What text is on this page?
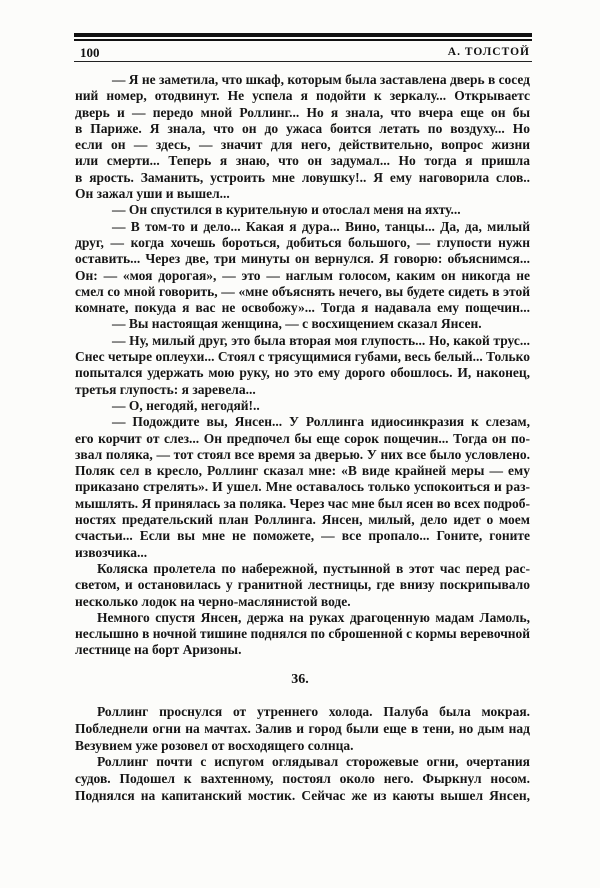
100	А. ТОЛСТОЙ
— Я не заметила, что шкаф, которым была заставлена дверь в сосед
ний номер, отодвинут. Не успела я подойти к зеркалу... Открываетс
дверь и — передо мной Роллинг... Но я знала, что вчера еще он бы
в Париже. Я знала, что он до ужаса боится летать по воздуху... Но
если он — здесь, — значит для него, действительно, вопрос жизни
или смерти... Теперь я знаю, что он задумал... Но тогда я пришла
в ярость. Заманить, устроить мне ловушку!.. Я ему наговорила слов..
Он зажал уши и вышел...
— Он спустился в курительную и отослал меня на яхту...
— В том-то и дело... Какая я дура... Вино, танцы... Да, да, милый
друг, — когда хочешь бороться, добиться большого, — глупости нужн
оставить... Через две, три минуты он вернулся. Я говорю: объяснимся...
Он: — «моя дорогая», — это — наглым голосом, каким он никогда не
смел со мной говорить, — «мне объяснять нечего, вы будете сидеть в этой
комнате, покуда я вас не освобожу»... Тогда я надавала ему пощечин...
— Вы настоящая женщина, — с восхищением сказал Янсен.
— Ну, милый друг, это была вторая моя глупость... Но, какой трус...
Снес четыре оплеухи... Стоял с трясущимися губами, весь белый... Только
попытался удержать мою руку, но это ему дорого обошлось. И, наконец,
третья глупость: я заревела...
— О, негодяй, негодяй!..
— Подождите вы, Янсен... У Роллинга идиосинкразия к слезам,
его корчит от слез... Он предпочел бы еще сорок пощечин... Тогда он по-
звал поляка, — тот стоял все время за дверью. У них все было условлено.
Поляк сел в кресло, Роллинг сказал мне: «В виде крайней меры — ему
приказано стрелять». И ушел. Мне оставалось только успокоиться и раз-
мышлять. Я принялась за поляка. Через час мне был ясен во всех подроб-
ностях предательский план Роллинга. Янсен, милый, дело идет о моем
счастьи... Если вы мне не поможете, — все пропало... Гоните, гоните
извозчика...
Коляска пролетела по набережной, пустынной в этот час перед рас-
светом, и остановилась у гранитной лестницы, где внизу поскрипывало
несколько лодок на черно-маслянистой воде.
Немного спустя Янсен, держа на руках драгоценную мадам Ламоль,
неслышно в ночной тишине поднялся по сброшенной с кормы веревочной
лестнице на борт Аризоны.
36.
Роллинг проснулся от утреннего холода. Палуба была мокрая.
Побледнели огни на мачтах. Залив и город были еще в тени, но дым над
Везувием уже розовел от восходящего солнца.
Роллинг почти с испугом оглядывал сторожевые огни, очертания
судов. Подошел к вахтенному, постоял около него. Фыркнул носом.
Поднялся на капитанский мостик. Сейчас же из каюты вышел Янсен,
